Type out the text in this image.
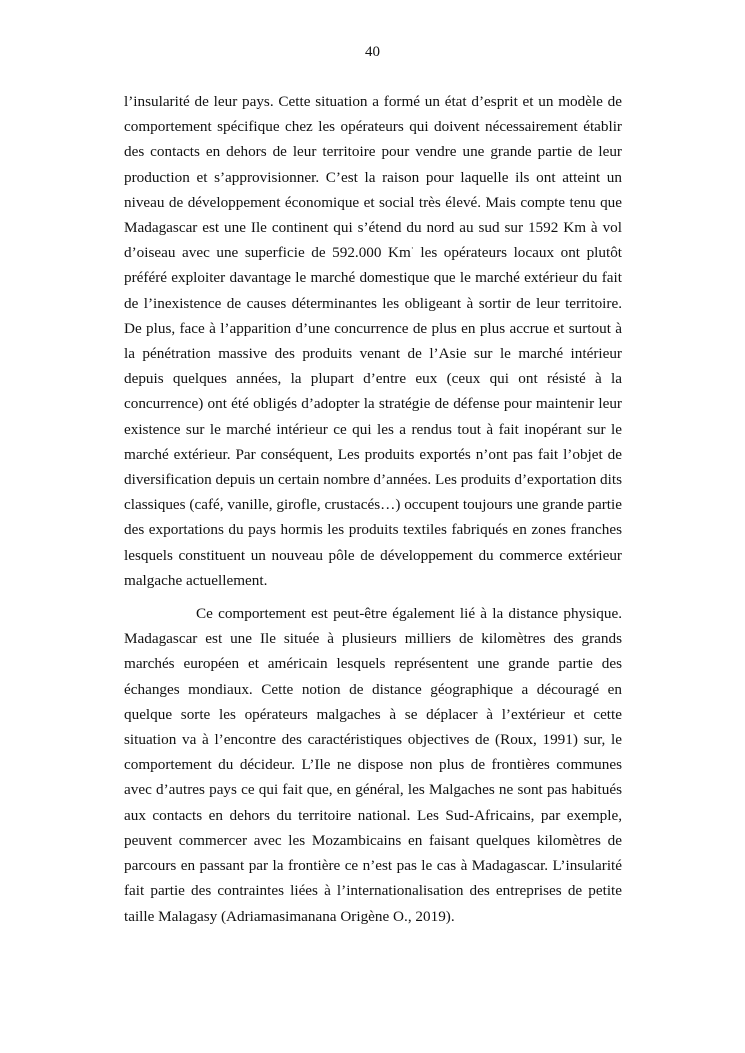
40

l’insularité de leur pays. Cette situation a formé un état d’esprit et un modèle de comportement spécifique chez les opérateurs qui doivent nécessairement établir des contacts en dehors de leur territoire pour vendre une grande partie de leur production et s’approvisionner. C’est la raison pour laquelle ils ont atteint un niveau de développement économique et social très élevé. Mais compte tenu que Madagascar est une Ile continent qui s’étend du nord au sud sur 1592 Km à vol d’oiseau avec une superficie de 592.000 Km· les opérateurs locaux ont plutôt préféré exploiter davantage le marché domestique que le marché extérieur du fait de l’inexistence de causes déterminantes les obligeant à sortir de leur territoire. De plus, face à l’apparition d’une concurrence de plus en plus accrue et surtout à la pénétration massive des produits venant de l’Asie sur le marché intérieur depuis quelques années, la plupart d’entre eux (ceux qui ont résisté à la concurrence) ont été obligés d’adopter la stratégie de défense pour maintenir leur existence sur le marché intérieur ce qui les a rendus tout à fait inopérant sur le marché extérieur. Par conséquent, Les produits exportés n’ont pas fait l’objet de diversification depuis un certain nombre d’années. Les produits d’exportation dits classiques (café, vanille, girofle, crustacés…) occupent toujours une grande partie des exportations du pays hormis les produits textiles fabriqués en zones franches lesquels constituent un nouveau pôle de développement du commerce extérieur malgache actuellement.

Ce comportement est peut-être également lié à la distance physique. Madagascar est une Ile située à plusieurs milliers de kilomètres des grands marchés européen et américain lesquels représentent une grande partie des échanges mondiaux. Cette notion de distance géographique a découragé en quelque sorte les opérateurs malgaches à se déplacer à l’extérieur et cette situation va à l’encontre des caractéristiques objectives de (Roux, 1991) sur, le comportement du décideur. L’Ile ne dispose non plus de frontières communes avec d’autres pays ce qui fait que, en général, les Malgaches ne sont pas habitués aux contacts en dehors du territoire national. Les Sud-Africains, par exemple, peuvent commercer avec les Mozambicains en faisant quelques kilomètres de parcours en passant par la frontière ce n’est pas le cas à Madagascar. L’insularité fait partie des contraintes liées à l’internationalisation des entreprises de petite taille Malagasy (Adriamasimanana Origène O., 2019).
